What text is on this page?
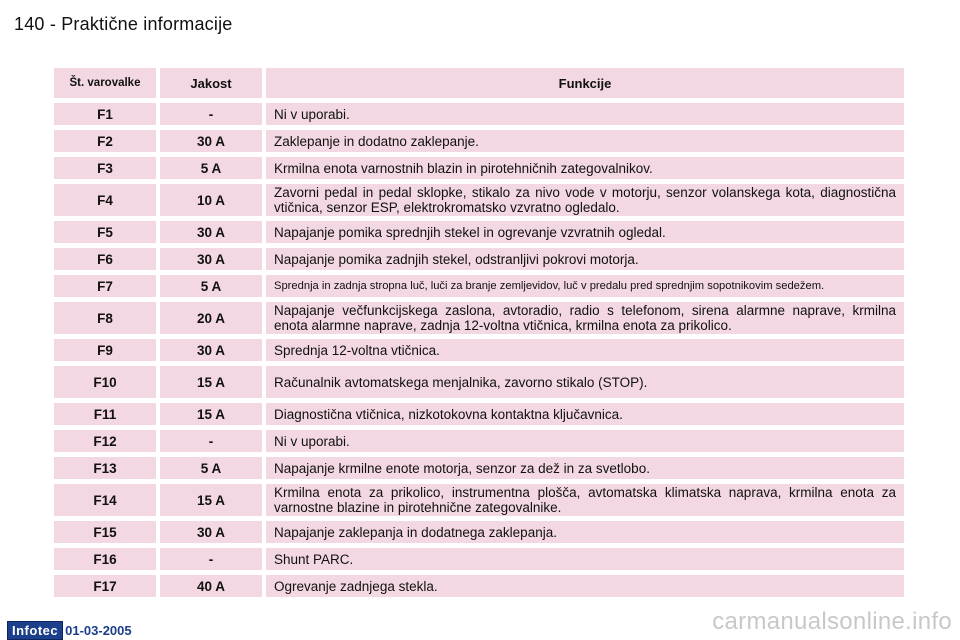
140 - Praktične informacije
Št. varovalke	Jakost	Funkcije
F1	-	Ni v uporabi.
F2	30 A	Zaklepanje in dodatno zaklepanje.
F3	5 A	Krmilna enota varnostnih blazin in pirotehničnih zategovalnikov.
F4	10 A	Zavorni pedal in pedal sklopke, stikalo za nivo vode v motorju, senzor volanskega kota, diagnostična vtičnica, senzor ESP, elektrokromatsko vzvratno ogledalo.
F5	30 A	Napajanje pomika sprednjih stekel in ogrevanje vzvratnih ogledal.
F6	30 A	Napajanje pomika zadnjih stekel, odstranljivi pokrovi motorja.
F7	5 A	Sprednja in zadnja stropna luč, luči za branje zemljevidov, luč v predalu pred sprednjim sopotnikovim sedežem.
F8	20 A	Napajanje večfunkcijskega zaslona, avtoradio, radio s telefonom, sirena alarmne naprave, krmilna enota alarmne naprave, zadnja 12-voltna vtičnica, krmilna enota za prikolico.
F9	30 A	Sprednja 12-voltna vtičnica.
F10	15 A	Računalnik avtomatskega menjalnika, zavorno stikalo (STOP).
F11	15 A	Diagnostična vtičnica, nizkotokovna kontaktna ključavnica.
F12	-	Ni v uporabi.
F13	5 A	Napajanje krmilne enote motorja, senzor za dež in za svetlobo.
F14	15 A	Krmilna enota za prikolico, instrumentna plošča, avtomatska klimatska naprava, krmilna enota za varnostne blazine in pirotehnične zategovalnike.
F15	30 A	Napajanje zaklepanja in dodatnega zaklepanja.
F16	-	Shunt PARC.
F17	40 A	Ogrevanje zadnjega stekla.
Infotec 01-03-2005	carmanualsonline.info
